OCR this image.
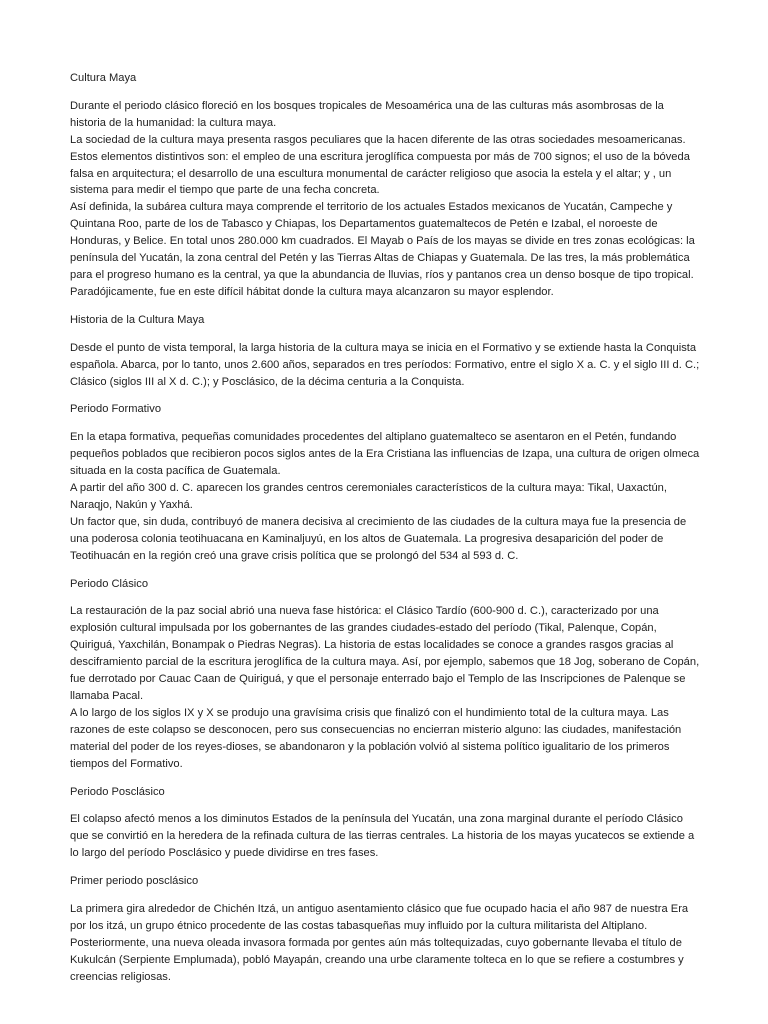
Cultura Maya

Durante el periodo clásico floreció en los bosques tropicales de Mesoamérica una de las culturas más asombrosas de la historia de la humanidad: la cultura maya.

La sociedad de la cultura maya presenta rasgos peculiares que la hacen diferente de las otras sociedades mesoamericanas. Estos elementos distintivos son: el empleo de una escritura jeroglífica compuesta por más de 700 signos; el uso de la bóveda falsa en arquitectura; el desarrollo de una escultura monumental de carácter religioso que asocia la estela y el altar; y , un sistema para medir el tiempo que parte de una fecha concreta.

Así definida, la subárea cultura maya comprende el territorio de los actuales Estados mexicanos de Yucatán, Campeche y Quintana Roo, parte de los de Tabasco y Chiapas, los Departamentos guatemaltecos de Petén e Izabal, el noroeste de Honduras, y Belice. En total unos 280.000 km cuadrados. El Mayab o País de los mayas se divide en tres zonas ecológicas: la península del Yucatán, la zona central del Petén y las Tierras Altas de Chiapas y Guatemala. De las tres, la más problemática para el progreso humano es la central, ya que la abundancia de lluvias, ríos y pantanos crea un denso bosque de tipo tropical. Paradójicamente, fue en este difícil hábitat donde la cultura maya alcanzaron su mayor esplendor.

Historia de la Cultura Maya

Desde el punto de vista temporal, la larga historia de la cultura maya se inicia en el Formativo y se extiende hasta la Conquista española. Abarca, por lo tanto, unos 2.600 años, separados en tres períodos: Formativo, entre el siglo X a. C. y el siglo III d. C.; Clásico (siglos III al X d. C.); y Posclásico, de la décima centuria a la Conquista.

Periodo Formativo

En la etapa formativa, pequeñas comunidades procedentes del altiplano guatemalteco se asentaron en el Petén, fundando pequeños poblados que recibieron pocos siglos antes de la Era Cristiana las influencias de Izapa, una cultura de origen olmeca situada en la costa pacífica de Guatemala.

A partir del año 300 d. C. aparecen los grandes centros ceremoniales característicos de la cultura maya: Tikal, Uaxactún, Naraqjo, Nakún y Yaxhá.

Un factor que, sin duda, contribuyó de manera decisiva al crecimiento de las ciudades de la cultura maya fue la presencia de una poderosa colonia teotihuacana en Kaminaljuyú, en los altos de Guatemala. La progresiva desaparición del poder de Teotihuacán en la región creó una grave crisis política que se prolongó del 534 al 593 d. C.

Periodo Clásico

La restauración de la paz social abrió una nueva fase histórica: el Clásico Tardío (600-900 d. C.), caracterizado por una explosión cultural impulsada por los gobernantes de las grandes ciudades-estado del período (Tikal, Palenque, Copán, Quiriguá, Yaxchilán, Bonampak o Piedras Negras). La historia de estas localidades se conoce a grandes rasgos gracias al desciframiento parcial de la escritura jeroglífica de la cultura maya. Así, por ejemplo, sabemos que 18 Jog, soberano de Copán, fue derrotado por Cauac Caan de Quiriguá, y que el personaje enterrado bajo el Templo de las Inscripciones de Palenque se llamaba Pacal.

A lo largo de los siglos IX y X se produjo una gravísima crisis que finalizó con el hundimiento total de la cultura maya. Las razones de este colapso se desconocen, pero sus consecuencias no encierran misterio alguno: las ciudades, manifestación material del poder de los reyes-dioses, se abandonaron y la población volvió al sistema político igualitario de los primeros tiempos del Formativo.

Periodo Posclásico

El colapso afectó menos a los diminutos Estados de la península del Yucatán, una zona marginal durante el período Clásico que se convirtió en la heredera de la refinada cultura de las tierras centrales. La historia de los mayas yucatecos se extiende a lo largo del período Posclásico y puede dividirse en tres fases.

Primer periodo posclásico

La primera gira alrededor de Chichén Itzá, un antiguo asentamiento clásico que fue ocupado hacia el año 987 de nuestra Era por los itzá, un grupo étnico procedente de las costas tabasqueñas muy influido por la cultura militarista del Altiplano. Posteriormente, una nueva oleada invasora formada por gentes aún más toltequizadas, cuyo gobernante llevaba el título de Kukulcán (Serpiente Emplumada), pobló Mayapán, creando una urbe claramente tolteca en lo que se refiere a costumbres y creencias religiosas.
